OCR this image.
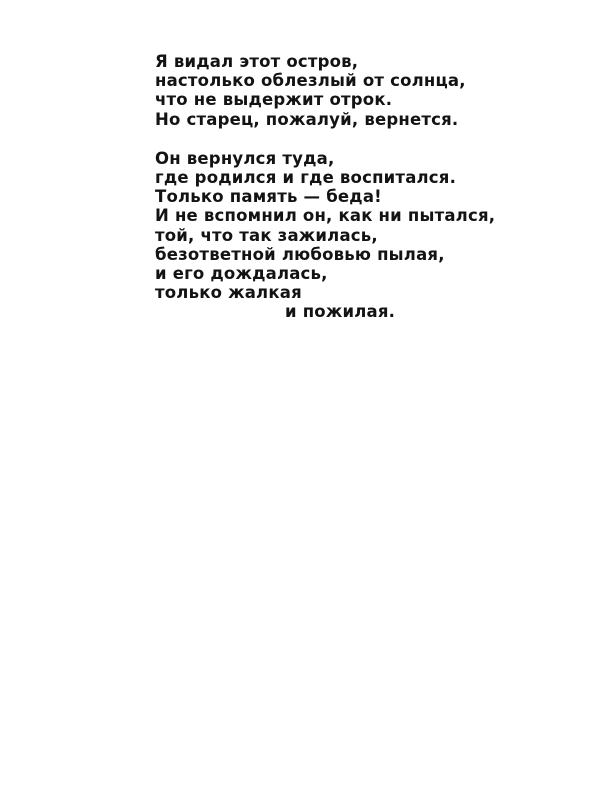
Я видал этот остров,
настолько облезлый от солнца,
что не выдержит отрок.
Но старец, пожалуй, вернется.
Он вернулся туда,
где родился и где воспитался.
Только память — беда!
И не вспомнил он, как ни пытался,
той, что так зажилась,
безответной любовью пылая,
и его дождалась,
только жалкая
и пожилая.
